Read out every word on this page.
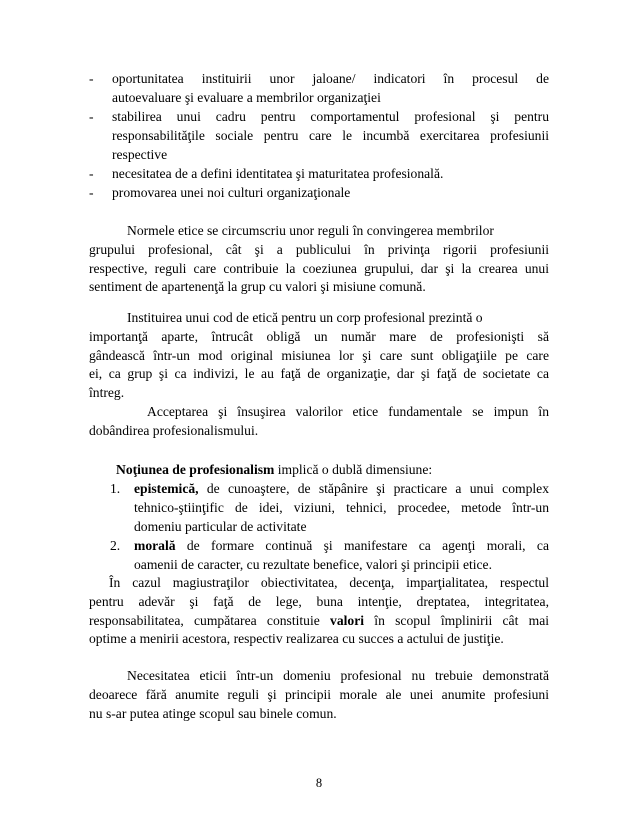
- oportunitatea instituirii unor jaloane/ indicatori în procesul de
autoevaluare şi evaluare a membrilor organizaţiei
- stabilirea unui cadru pentru comportamentul profesional şi pentru
responsabilităţile sociale pentru care le incumbă exercitarea profesiunii
respective
- necesitatea de a defini identitatea şi maturitatea profesională.
- promovarea unei noi culturi organizaţionale
Normele etice se circumscriu unor reguli în convingerea membrilor
grupului profesional, cât şi a publicului în privinţa rigorii profesiunii
respective, reguli care contribuie la coeziunea grupului, dar şi la crearea unui
sentiment de apartenenţă la grup cu valori şi misiune comună.
Instituirea unui cod de etică pentru un corp profesional prezintă o
importanţă aparte, întrucât obligă un număr mare de profesionişti să
gândească într-un mod original misiunea lor şi care sunt obligaţiile pe care
ei, ca grup şi ca indivizi, le au faţă de organizaţie, dar şi faţă de societate ca
întreg.
Acceptarea şi însuşirea valorilor etice fundamentale se impun în
dobândirea profesionalismului.
Noţiunea de profesionalism implică o dublă dimensiune:
1. epistemică, de cunoaştere, de stăpânire şi practicare a unui complex
tehnico-ştiinţific de idei, viziuni, tehnici, procedee, metode într-un
domeniu particular de activitate
2. morală de formare continuă şi manifestare ca agenţi morali, ca
oamenii de caracter, cu rezultate benefice, valori şi principii etice.
În cazul magiustraţilor obiectivitatea, decenţa, imparţialitatea, respectul
pentru adevăr şi faţă de lege, buna intenţie, dreptatea, integritatea,
responsabilitatea, cumpătarea constituie valori în scopul împlinirii cât mai
optime a menirii acestora, respectiv realizarea cu succes a actului de justiţie.
Necesitatea eticii într-un domeniu profesional nu trebuie demonstrată
deoarece fără anumite reguli şi principii morale ale unei anumite profesiuni
nu s-ar putea atinge scopul sau binele comun.
8
